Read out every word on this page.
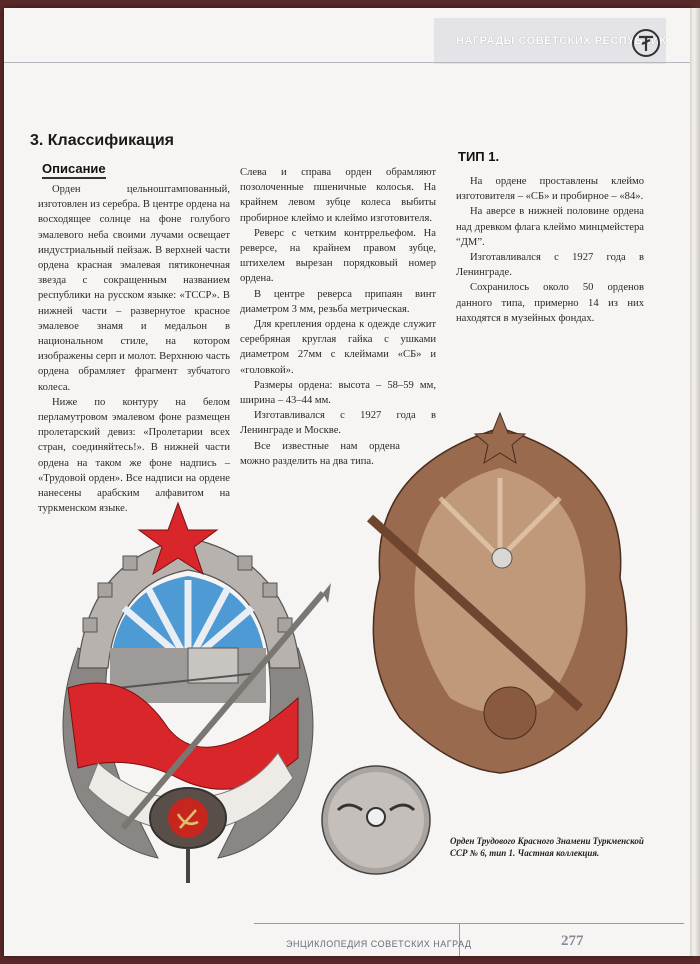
НАГРАДЫ СОВЕТСКИХ РЕСПУБЛИК
3. Классификация
Описание
ТИП 1.

Орден цельноштампованный, изготовлен из серебра. В центре ордена на восходящее солнце на фоне голубого эмалевого неба своими лучами освещает индустриальный пейзаж. В верхней части ордена красная эмалевая пятиконечная звезда с сокращенным названием республики на русском языке: «ТССР». В нижней части – развернутое красное эмалевое знамя и медальон в национальном стиле, на котором изображены серп и молот. Верхнюю часть ордена обрамляет фрагмент зубчатого колеса.

Ниже по контуру на белом перламутровом эмалевом фоне размещен пролетарский девиз: «Пролетарии всех стран, соединяйтесь!». В нижней части ордена на таком же фоне надпись – «Трудовой орден». Все надписи на ордене нанесены арабским алфавитом на туркменском языке.

Слева и справа орден обрамляют позолоченные пшеничные колосья. На крайнем левом зубце колеса выбиты пробирное клеймо и клеймо изготовителя.

Реверс с четким контррельефом. На реверсе, на крайнем правом зубце, штихелем вырезан порядковый номер ордена.

В центре реверса припаян винт диаметром 3 мм, резьба метрическая.

Для крепления ордена к одежде служит серебряная круглая гайка с ушками диаметром 27мм с клеймами «СБ» и «головкой».

Размеры ордена: высота – 58–59 мм, ширина – 43–44 мм.

Изготавливался с 1927 года в Ленинграде и Москве.

Все известные нам ордена можно разделить на два типа.

На ордене проставлены клеймо изготовителя – «СБ» и пробирное – «84».

На аверсе в нижней половине ордена над древком флага клеймо минцмейстера “ДМ”.

Изготавливался с 1927 года в Ленинграде.

Сохранилось около 50 орденов данного типа, примерно 14 из них находятся в музейных фондах.

Орден Трудового Красного Знамени Туркменской ССР № 6, тип 1. Частная коллекция.
ЭНЦИКЛОПЕДИЯ СОВЕТСКИХ НАГРАД	277
